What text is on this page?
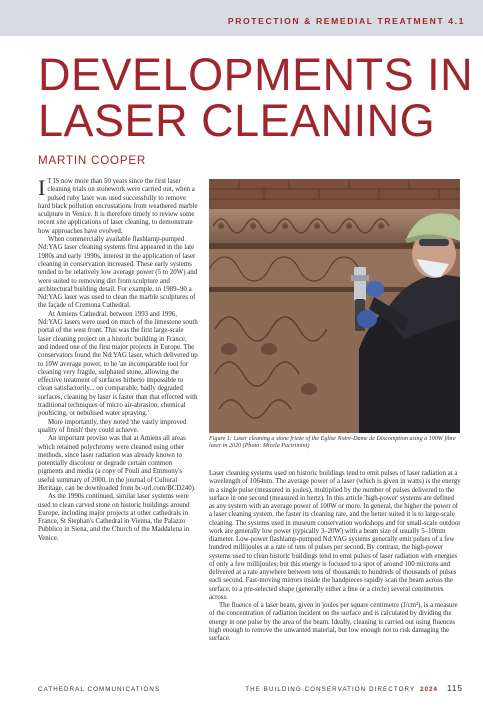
PROTECTION & REMEDIAL TREATMENT 4.1
DEVELOPMENTS IN LASER CLEANING
MARTIN COOPER

I T IS now more than 50 years since the first laser cleaning trials on stonework were carried out, when a pulsed ruby laser was used successfully to remove hard black pollution encrustations from weathered marble sculpture in Venice. It is therefore timely to review some recent site applications of laser cleaning, to demonstrate how approaches have evolved.

When commercially available flashlamp-pumped Nd:YAG laser cleaning systems first appeared in the late 1980s and early 1990s, interest in the application of laser cleaning in conservation increased. These early systems tended to be relatively low average power (5 to 20W) and were suited to removing dirt from sculpture and architectural building detail. For example, in 1989–90 a Nd:YAG laser was used to clean the marble sculptures of the façade of Cremona Cathedral.

At Amiens Cathedral, between 1993 and 1996, Nd:YAG lasers were used on much of the limestone south portal of the west front. This was the first large-scale laser cleaning project on a historic building in France, and indeed one of the first major projects in Europe. The conservators found the Nd:YAG laser, which delivered up to 10W average power, to be 'an incomparable tool for cleaning very fragile, sulphated stone, allowing the effective treatment of surfaces hitherto impossible to clean satisfactorily... on comparable, badly degraded surfaces, cleaning by laser is faster than that effected with traditional techniques of micro air-abrasion, chemical poulticing, or nebulised water spraying.'

More importantly, they noted 'the vastly improved quality of finish' they could achieve.

An important proviso was that at Amiens all areas which retained polychromy were cleaned using other methods, since laser radiation was already known to potentially discolour or degrade certain common pigments and media (a copy of Pouli and Emmony's useful summary of 2000, in the journal of Cultural Heritage, can be downloaded from bc-url.com/BCD240).

As the 1990s continued, similar laser systems were used to clean carved stone on historic buildings around Europe, including major projects at other cathedrals in France, St Stephan's Cathedral in Vienna, the Palazzo Pubblico in Siena, and the Church of the Maddalena in Venice.

Figure 1: Laser cleaning a stone frieze of the Église Notre-Dame de Dixcomption using a 100W fibre laser in 2020 (Photo: Micela Pucirimini)

Laser cleaning systems used on historic buildings tend to emit pulses of laser radiation at a wavelength of 1064nm. The average power of a laser (which is given in watts) is the energy in a single pulse (measured in joules), multiplied by the number of pulses delivered to the surface in one second (measured in hertz). In this article 'high-power' systems are defined as any system with an average power of 100W or more. In general, the higher the power of a laser cleaning system, the faster its cleaning rate, and the better suited it is to large-scale cleaning. The systems used in museum conservation workshops and for small-scale outdoor work are generally low power (typically 3–20W) with a beam size of usually 5–10mm diameter. Low-power flashlamp-pumped Nd:YAG systems generally emit pulses of a few hundred millijoules at a rate of tens of pulses per second. By contrast, the high-power systems used to clean historic buildings tend to emit pulses of laser radiation with energies of only a few millijoules; but this energy is focused to a spot of around 100 microns and delivered at a rate anywhere between tens of thousands to hundreds of thousands of pulses each second. Fast-moving mirrors inside the handpieces rapidly scan the beam across the surface, to a pre-selected shape (generally either a line or a circle) several centimetres across.

The fluence of a laser beam, given in joules per square centimetre (J/cm²), is a measure of the concentration of radiation incident on the surface and is calculated by dividing the energy in one pulse by the area of the beam. Ideally, cleaning is carried out using fluences high enough to remove the unwanted material, but low enough not to risk damaging the surface.

CATHEDRAL COMMUNICATIONS	THE BUILDING CONSERVATION DIRECTORY 2024 115
